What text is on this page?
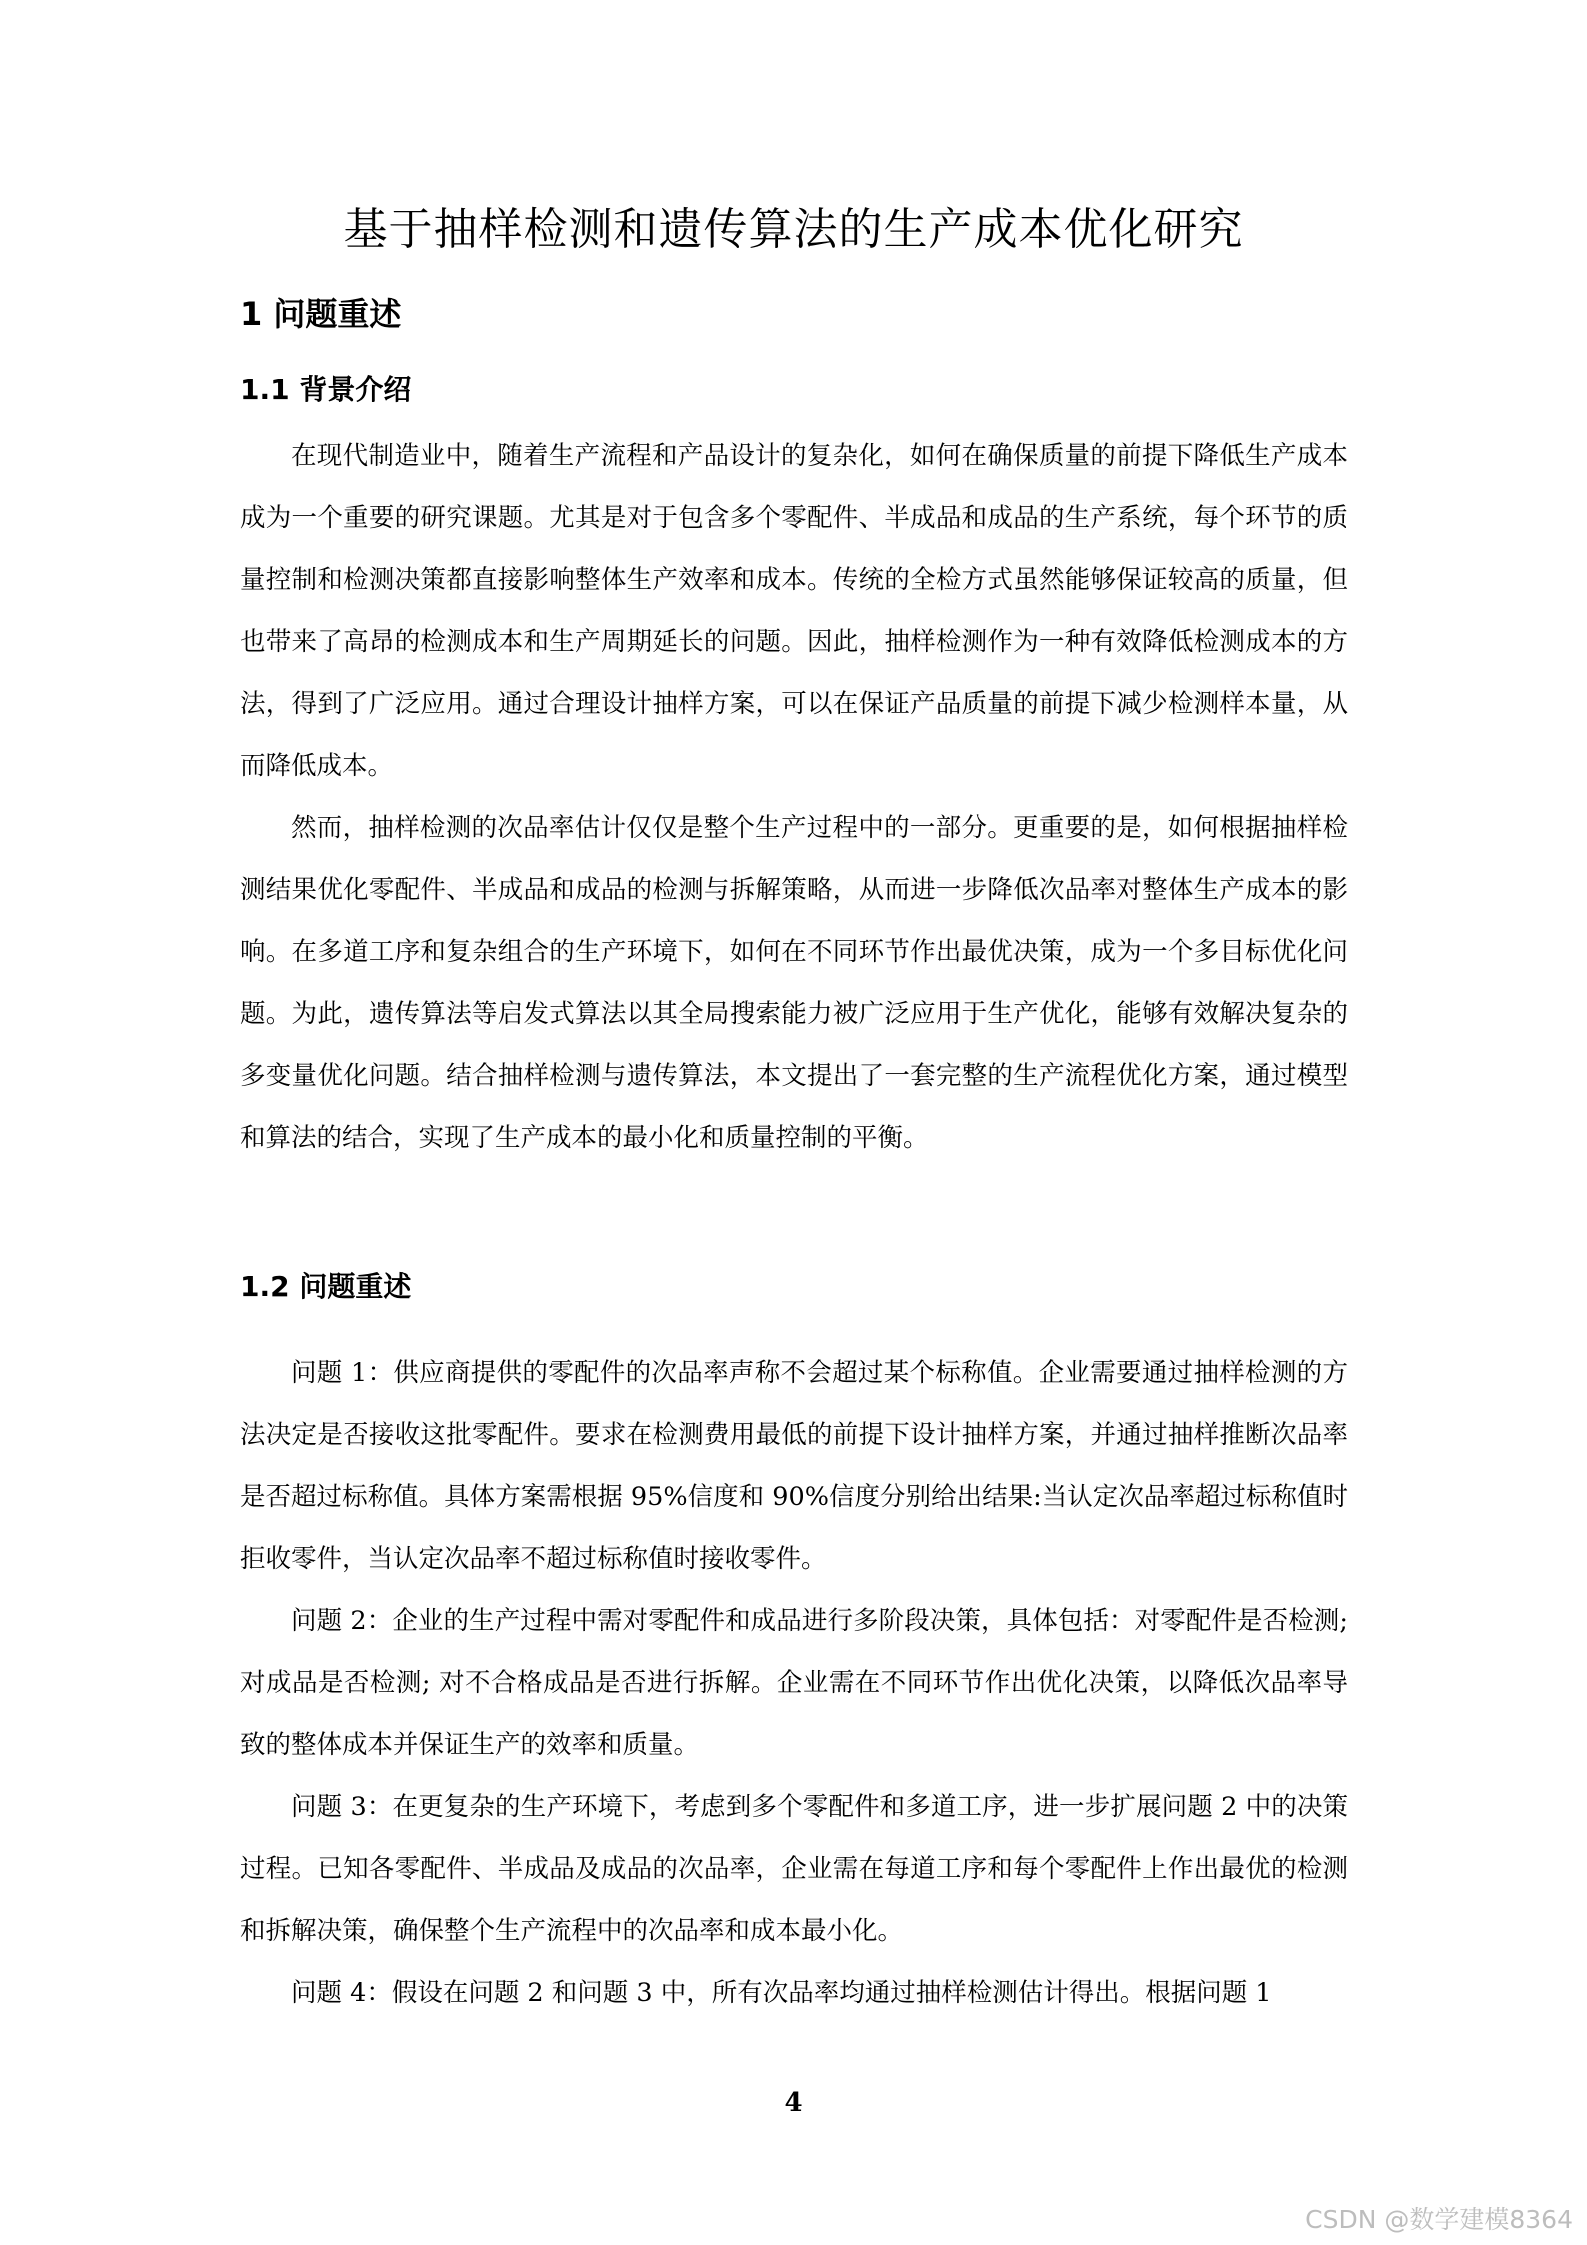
基于抽样检测和遗传算法的生产成本优化研究
1 问题重述
1.1 背景介绍

在现代制造业中，随着生产流程和产品设计的复杂化，如何在确保质量的前提下降低生产成本成为一个重要的研究课题。尤其是对于包含多个零配件、半成品和成品的生产系统，每个环节的质量控制和检测决策都直接影响整体生产效率和成本。传统的全检方式虽然能够保证较高的质量，但也带来了高昂的检测成本和生产周期延长的问题。因此，抽样检测作为一种有效降低检测成本的方法，得到了广泛应用。通过合理设计抽样方案，可以在保证产品质量的前提下减少检测样本量，从而降低成本。

然而，抽样检测的次品率估计仅仅是整个生产过程中的一部分。更重要的是，如何根据抽样检测结果优化零配件、半成品和成品的检测与拆解策略，从而进一步降低次品率对整体生产成本的影响。在多道工序和复杂组合的生产环境下，如何在不同环节作出最优决策，成为一个多目标优化问题。为此，遗传算法等启发式算法以其全局搜索能力被广泛应用于生产优化，能够有效解决复杂的多变量优化问题。结合抽样检测与遗传算法，本文提出了一套完整的生产流程优化方案，通过模型和算法的结合，实现了生产成本的最小化和质量控制的平衡。

1.2 问题重述

问题 1：供应商提供的零配件的次品率声称不会超过某个标称值。企业需要通过抽样检测的方法决定是否接收这批零配件。要求在检测费用最低的前提下设计抽样方案，并通过抽样推断次品率是否超过标称值。具体方案需根据 95%信度和 90%信度分别给出结果:当认定次品率超过标称值时拒收零件，当认定次品率不超过标称值时接收零件。

问题 2：企业的生产过程中需对零配件和成品进行多阶段决策，具体包括：对零配件是否检测; 对成品是否检测; 对不合格成品是否进行拆解。企业需在不同环节作出优化决策，以降低次品率导致的整体成本并保证生产的效率和质量。

问题 3：在更复杂的生产环境下，考虑到多个零配件和多道工序，进一步扩展问题 2 中的决策过程。已知各零配件、半成品及成品的次品率，企业需在每道工序和每个零配件上作出最优的检测和拆解决策，确保整个生产流程中的次品率和成本最小化。

问题 4：假设在问题 2 和问题 3 中，所有次品率均通过抽样检测估计得出。根据问题 1

4
CSDN @数学建模8364
